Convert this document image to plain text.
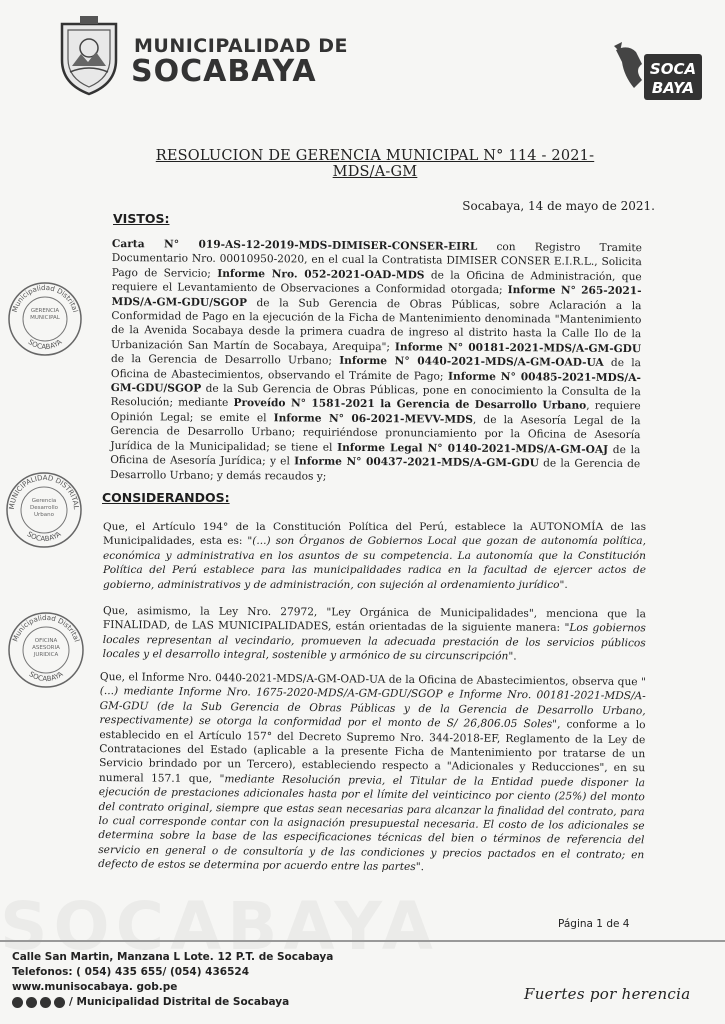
MUNICIPALIDAD DE
SOCABAYA	SOCA
BAYA
RESOLUCION DE GERENCIA MUNICIPAL N° 114 - 2021-MDS/A-GM
Socabaya, 14 de mayo de 2021.
VISTOS:
Carta N° 019-AS-12-2019-MDS-DIMISER-CONSER-EIRL con Registro Tramite Documentario Nro. 00010950-2020, en el cual la Contratista DIMISER CONSER E.I.R.L., Solicita Pago de Servicio; Informe Nro. 052-2021-OAD-MDS de la Oficina de Administración, que requiere el Levantamiento de Observaciones a Conformidad otorgada; Informe N° 265-2021-MDS/A-GM-GDU/SGOP de la Sub Gerencia de Obras Públicas, sobre Aclaración a la Conformidad de Pago en la ejecución de la Ficha de Mantenimiento denominada "Mantenimiento de la Avenida Socabaya desde la primera cuadra de ingreso al distrito hasta la Calle Ilo de la Urbanización San Martín de Socabaya, Arequipa"; Informe N° 00181-2021-MDS/A-GM-GDU de la Gerencia de Desarrollo Urbano; Informe N° 0440-2021-MDS/A-GM-OAD-UA de la Oficina de Abastecimientos, observando el Trámite de Pago; Informe N° 00485-2021-MDS/A-GM-GDU/SGOP de la Sub Gerencia de Obras Públicas, pone en conocimiento la Consulta de la Resolución; mediante Proveído N° 1581-2021 la Gerencia de Desarrollo Urbano, requiere Opinión Legal; se emite el Informe N° 06-2021-MEVV-MDS, de la Asesoría Legal de la Gerencia de Desarrollo Urbano; requiriéndose pronunciamiento por la Oficina de Asesoría Jurídica de la Municipalidad; se tiene el Informe Legal N° 0140-2021-MDS/A-GM-OAJ de la Oficina de Asesoría Jurídica; y el Informe N° 00437-2021-MDS/A-GM-GDU de la Gerencia de Desarrollo Urbano; y demás recaudos y;
CONSIDERANDOS:
Que, el Artículo 194° de la Constitución Política del Perú, establece la AUTONOMÍA de las Municipalidades, esta es: "(...) son Órganos de Gobiernos Local que gozan de autonomía política, económica y administrativa en los asuntos de su competencia. La autonomía que la Constitución Política del Perú establece para las municipalidades radica en la facultad de ejercer actos de gobierno, administrativos y de administración, con sujeción al ordenamiento jurídico".
Que, asimismo, la Ley Nro. 27972, "Ley Orgánica de Municipalidades", menciona que la FINALIDAD, de LAS MUNICIPALIDADES, están orientadas de la siguiente manera: "Los gobiernos locales representan al vecindario, promueven la adecuada prestación de los servicios públicos locales y el desarrollo integral, sostenible y armónico de su circunscripción".
Que, el Informe Nro. 0440-2021-MDS/A-GM-OAD-UA de la Oficina de Abastecimientos, observa que "(...) mediante Informe Nro. 1675-2020-MDS/A-GM-GDU/SGOP e Informe Nro. 00181-2021-MDS/A-GM-GDU (de la Sub Gerencia de Obras Públicas y de la Gerencia de Desarrollo Urbano, respectivamente) se otorga la conformidad por el monto de S/ 26,806.05 Soles", conforme a lo establecido en el Artículo 157° del Decreto Supremo Nro. 344-2018-EF, Reglamento de la Ley de Contrataciones del Estado (aplicable a la presente Ficha de Mantenimiento por tratarse de un Servicio brindado por un Tercero), estableciendo respecto a "Adicionales y Reducciones", en su numeral 157.1 que, "mediante Resolución previa, el Titular de la Entidad puede disponer la ejecución de prestaciones adicionales hasta por el límite del veinticinco por ciento (25%) del monto del contrato original, siempre que estas sean necesarias para alcanzar la finalidad del contrato, para lo cual corresponde contar con la asignación presupuestal necesaria. El costo de los adicionales se determina sobre la base de las especificaciones técnicas del bien o términos de referencia del servicio en general o de consultoría y de las condiciones y precios pactados en el contrato; en defecto de estos se determina por acuerdo entre las partes".
Municipalidad Distrital
SOCABAYA
GERENCIA MUNICIPAL
MUNICIPALIDAD DISTRITAL
SOCABAYA
Gerencia Desarrollo Urbano
Municipalidad Distrital
SOCABAYA
OFICINA ASESORIA JURIDICA
Página 1 de 4
Calle San Martin, Manzana L Lote. 12 P.T. de Socabaya
Telefonos: ( 054) 435 655/ (054) 436524
www.munisocabaya. gob.pe
/ Municipalidad Distrital de Socabaya	Fuertes por herencia
